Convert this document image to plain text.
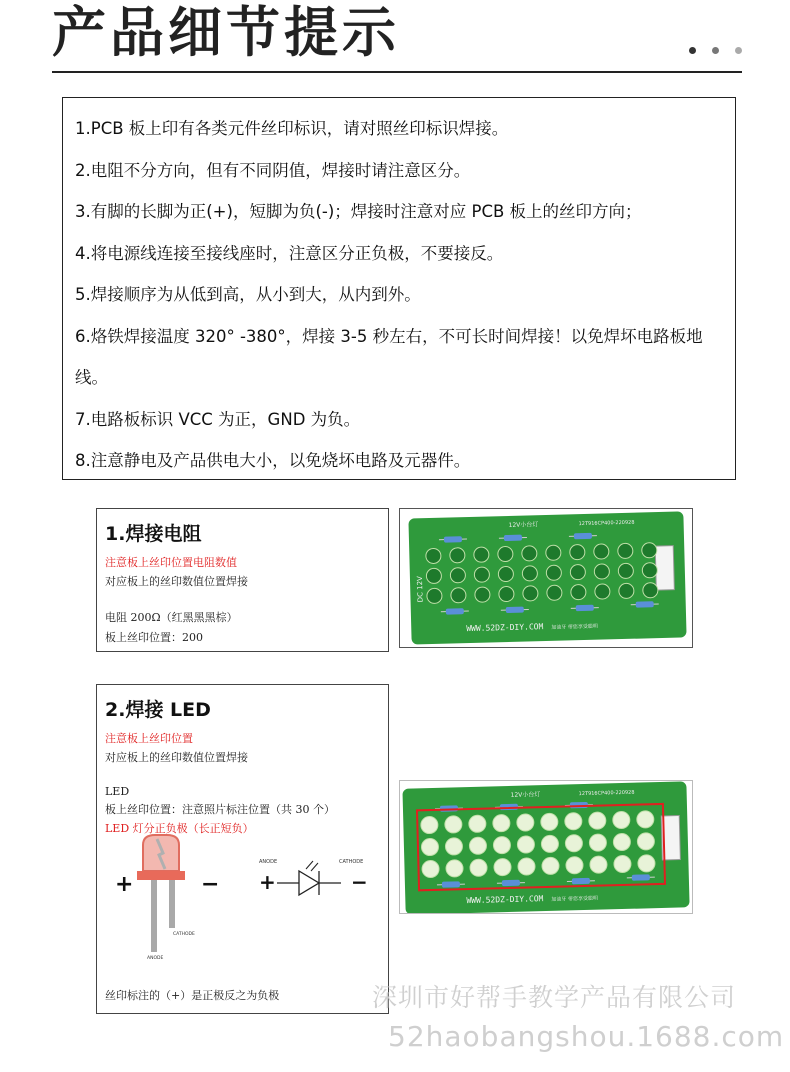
产品细节提示

1.PCB 板上印有各类元件丝印标识，请对照丝印标识焊接。

2.电阻不分方向，但有不同阴值，焊接时请注意区分。

3.有脚的长脚为正(+)，短脚为负(-)；焊接时注意对应 PCB 板上的丝印方向；

4.将电源线连接至接线座时，注意区分正负极，不要接反。

5.焊接顺序为从低到高，从小到大，从内到外。

6.烙铁焊接温度 320° -380°，焊接 3-5 秒左右，不可长时间焊接！以免焊坏电路板地线。

7.电路板标识 VCC 为正，GND 为负。

8.注意静电及产品供电大小，以免烧坏电路及元器件。

1.焊接电阻
注意板上丝印位置电阻数值
对应板上的丝印数值位置焊接
电阻 200Ω（红黑黑黑棕）
板上丝印位置：200
12V小台灯	12T916CP400-220928
WWW.52DZ-DIY.COM 加油牙 带您享受聪明
DC 12V
2.焊接 LED
注意板上丝印位置
对应板上的丝印数值位置焊接
LED
板上丝印位置：注意照片标注位置（共 30 个）
LED 灯分正负极（长正短负）
+	−
ANODE
CATHODE
ANODE	CATHODE
+	−
丝印标注的（+）是正极反之为负极
12V小台灯	12T916CP400-220928
WWW.52DZ-DIY.COM 加油牙 带您享受聪明
深圳市好帮手教学产品有限公司
52haobangshou.1688.com
